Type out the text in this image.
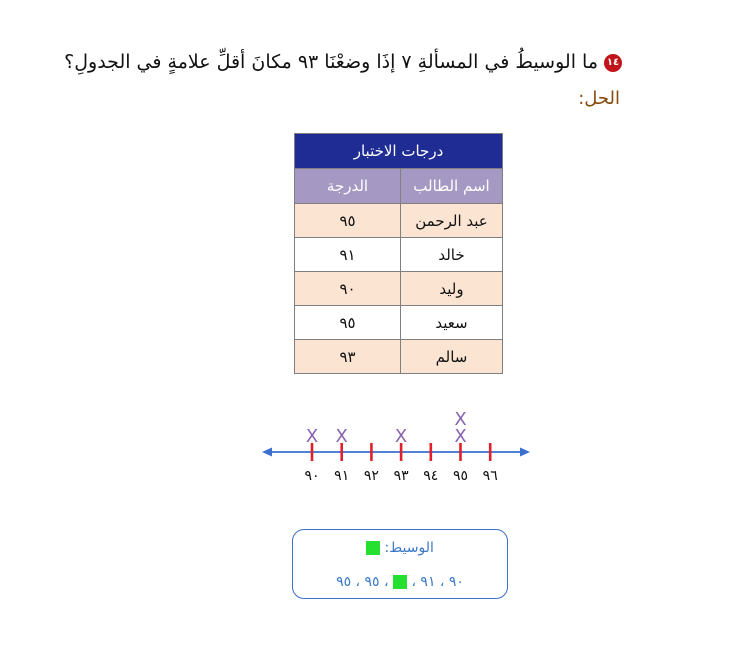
١٤ما الوسيطُ في المسألةِ ٧ إذَا وضعْنَا ٩٣ مكانَ أقلِّ علامةٍ في الجدولِ؟
الحل:
درجات الاختبار	
اسم الطالب	الدرجة
عبد الرحمن	٩٥
خالد	٩١
وليد	٩٠
سعيد	٩٥
سالم	٩٣
٩٠ ٩١ ٩٢ ٩٣ ٩٤ ٩٥ ٩٦
X X	X	X
X
الوسيط:
٩٠ ، ٩١ ،  ، ٩٥ ، ٩٥
